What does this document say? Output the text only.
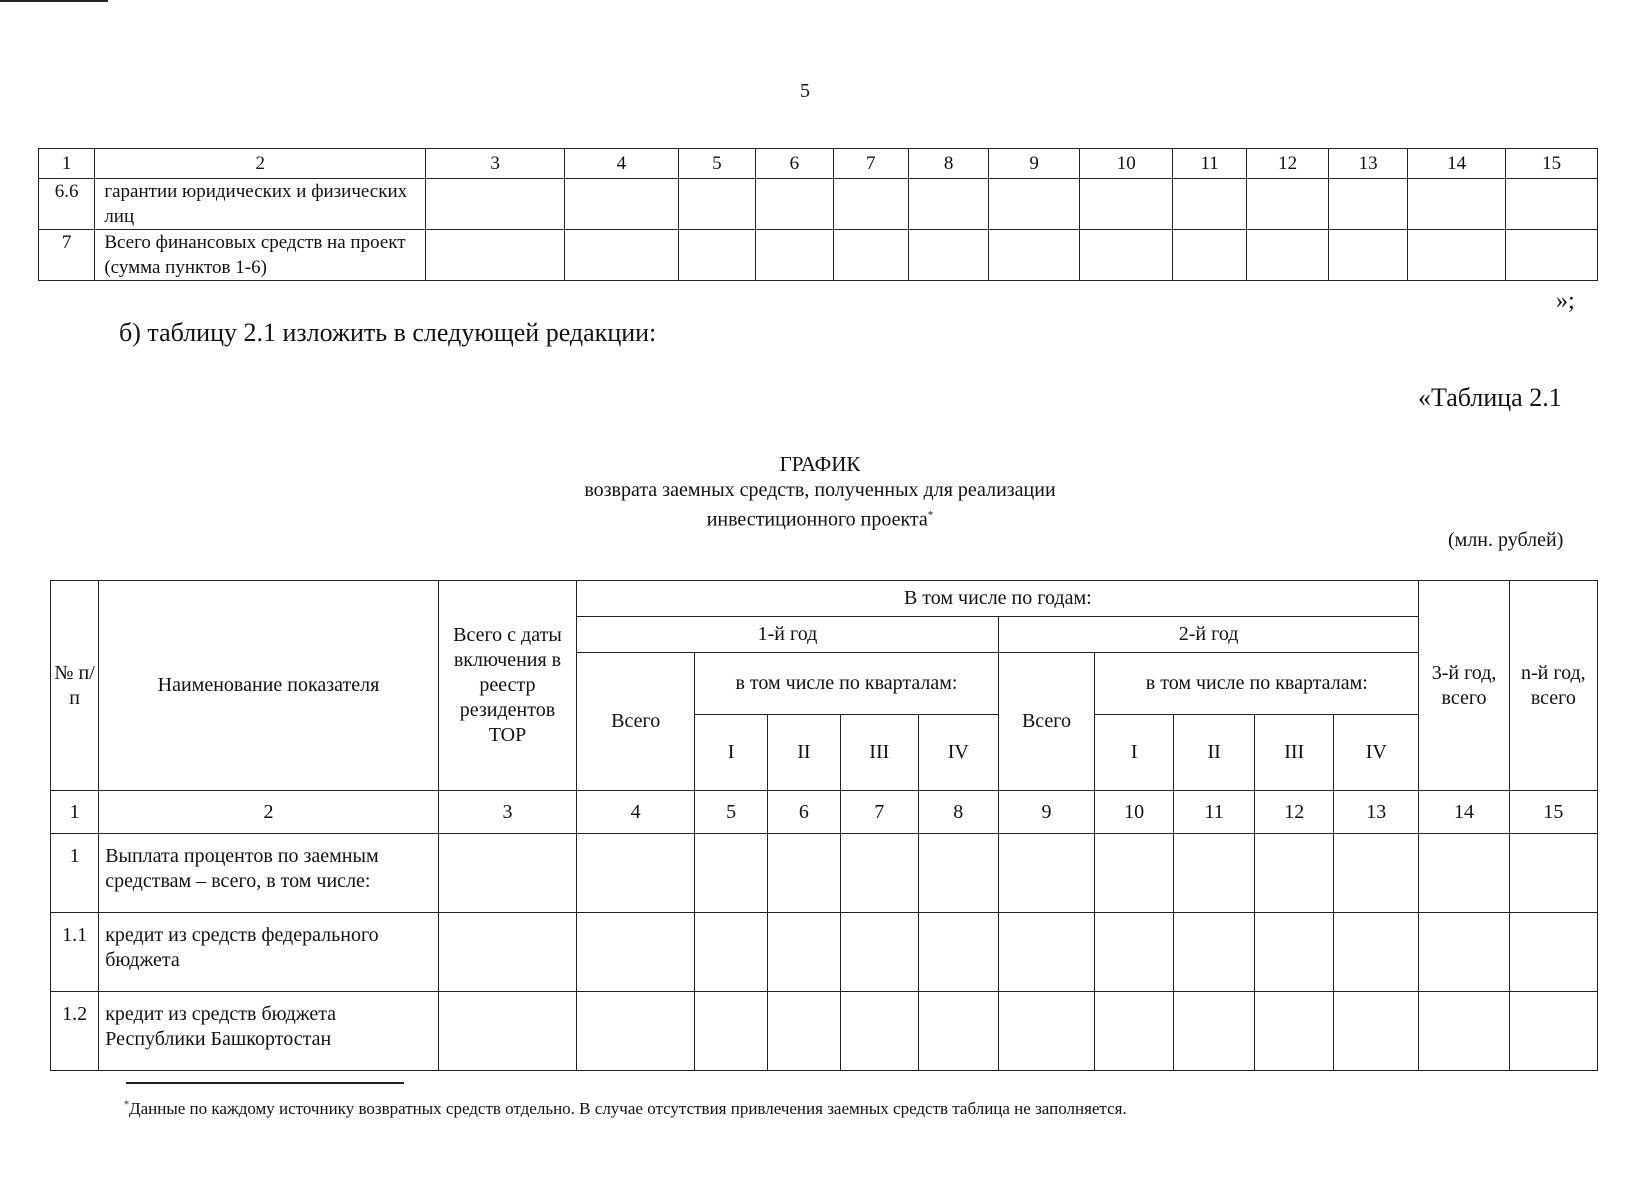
5
1	2	3	4	5	6	7	8	9	10	11	12	13	14	15
6.6	гарантии юридических и физических лиц													
7	Всего финансовых средств на проект (сумма пунктов 1-6)													
»;
б) таблицу 2.1 изложить в следующей редакции:
«Таблица 2.1
ГРАФИК
возврата заемных средств, полученных для реализации
инвестиционного проекта*
(млн. рублей)
№ п/п	Наименование показателя	Всего с даты включения в реестр резидентов ТОР	В том числе по годам:										3-й год, всего	n-й год, всего
			1-й год					2-й год						
			Всего	в том числе по кварталам:				Всего	в том числе по кварталам:					
				I	II	III	IV		I	II	III	IV		
1	2	3	4	5	6	7	8	9	10	11	12	13	14	15
1	Выплата процентов по заемным средствам – всего, в том числе:													
1.1	кредит из средств федерального бюджета													
1.2	кредит из средств бюджета Республики Башкортостан													
*Данные по каждому источнику возвратных средств отдельно. В случае отсутствия привлечения заемных средств таблица не заполняется.
